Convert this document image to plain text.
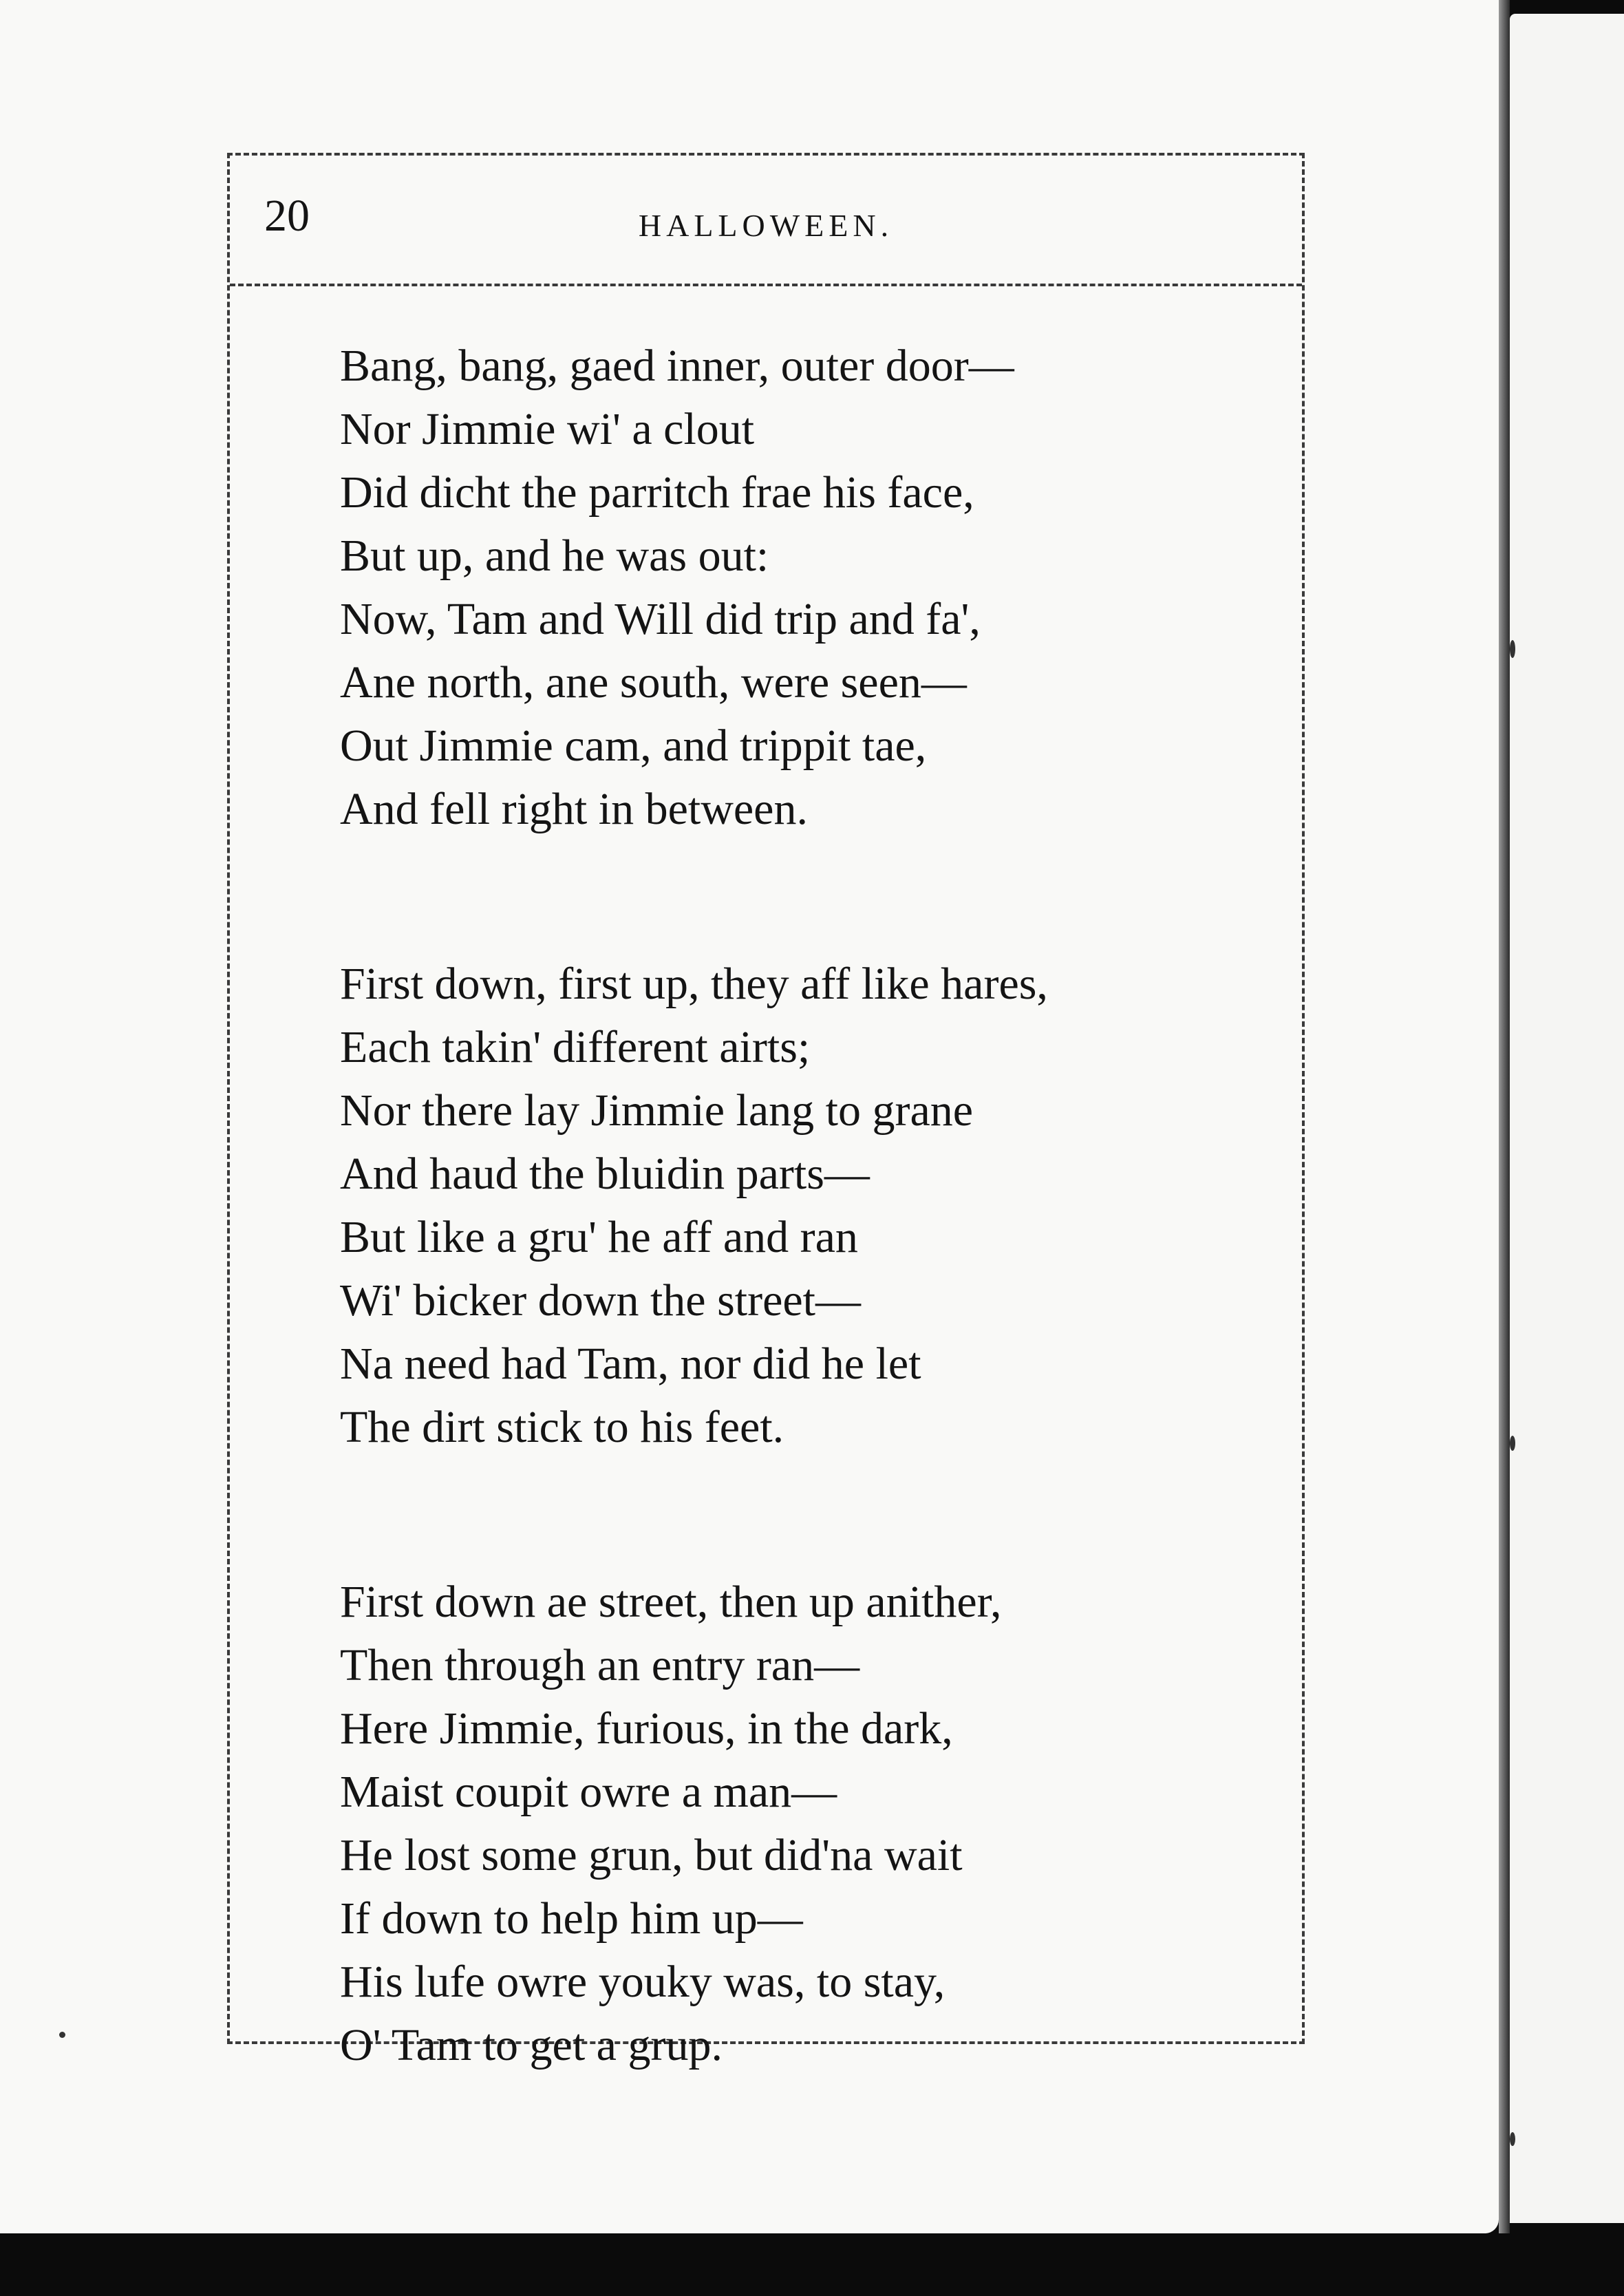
20	HALLOWEEN.
Bang, bang, gaed inner, outer door—
Nor Jimmie wi' a clout
Did dicht the parritch frae his face,
But up, and he was out:
Now, Tam and Will did trip and fa',
Ane north, ane south, were seen—
Out Jimmie cam, and trippit tae,
And fell right in between.
First down, first up, they aff like hares,
Each takin' different airts;
Nor there lay Jimmie lang to grane
And haud the bluidin parts—
But like a gru' he aff and ran
Wi' bicker down the street—
Na need had Tam, nor did he let
The dirt stick to his feet.
First down ae street, then up anither,
Then through an entry ran—
Here Jimmie, furious, in the dark,
Maist coupit owre a man—
He lost some grun, but did'na wait
If down to help him up—
His lufe owre youky was, to stay,
O' Tam to get a grup.
